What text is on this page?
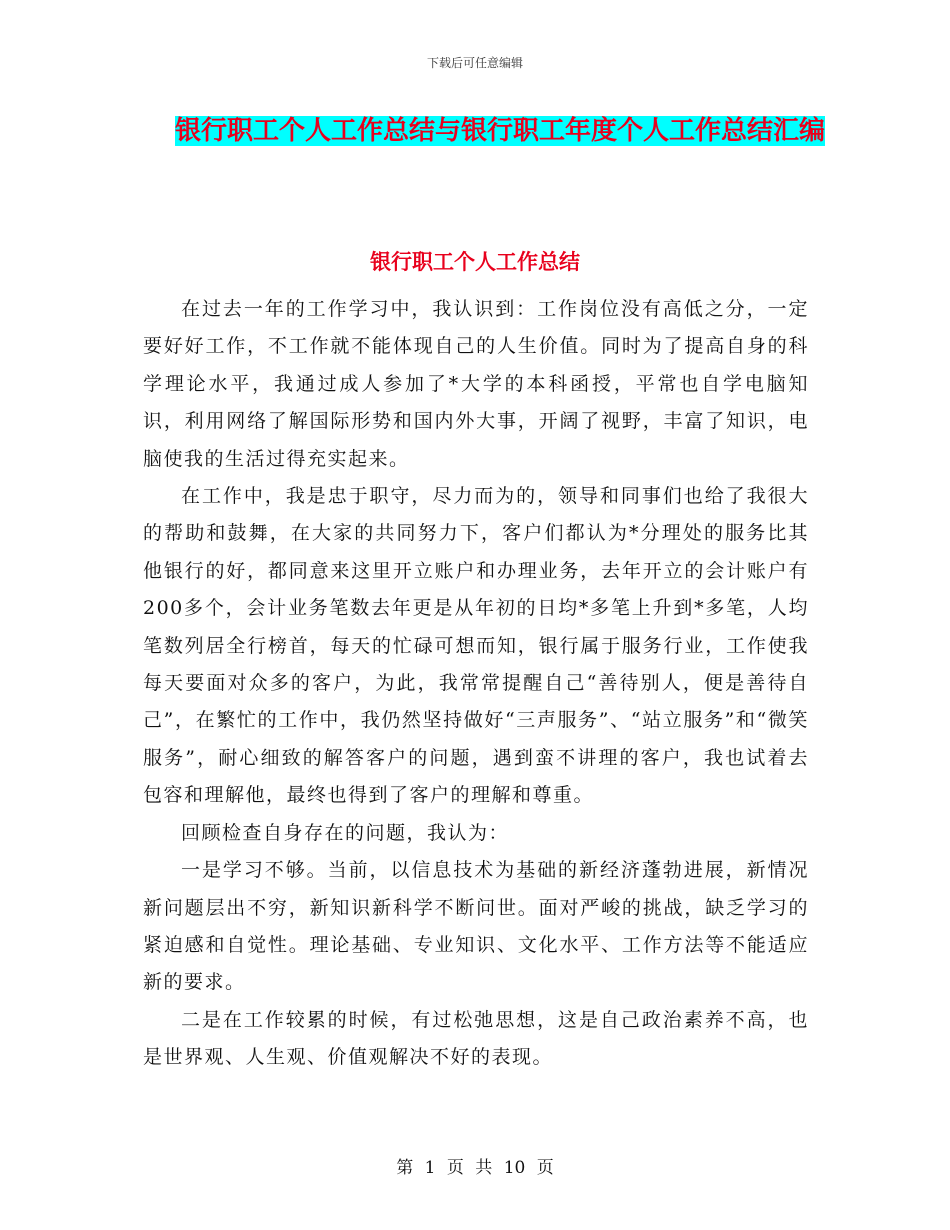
下载后可任意编辑
银行职工个人工作总结与银行职工年度个人工作总结汇编
银行职工个人工作总结

在过去一年的工作学习中，我认识到：工作岗位没有高低之分，一定要好好工作，不工作就不能体现自己的人生价值。同时为了提高自身的科学理论水平，我通过成人参加了*大学的本科函授，平常也自学电脑知识，利用网络了解国际形势和国内外大事，开阔了视野，丰富了知识，电脑使我的生活过得充实起来。

在工作中，我是忠于职守，尽力而为的，领导和同事们也给了我很大的帮助和鼓舞，在大家的共同努力下，客户们都认为*分理处的服务比其他银行的好，都同意来这里开立账户和办理业务，去年开立的会计账户有200多个，会计业务笔数去年更是从年初的日均*多笔上升到*多笔，人均笔数列居全行榜首，每天的忙碌可想而知，银行属于服务行业，工作使我每天要面对众多的客户，为此，我常常提醒自己“善待别人，便是善待自己”，在繁忙的工作中，我仍然坚持做好“三声服务”、“站立服务”和“微笑服务”，耐心细致的解答客户的问题，遇到蛮不讲理的客户，我也试着去包容和理解他，最终也得到了客户的理解和尊重。

回顾检查自身存在的问题，我认为：

一是学习不够。当前，以信息技术为基础的新经济蓬勃进展，新情况新问题层出不穷，新知识新科学不断问世。面对严峻的挑战，缺乏学习的紧迫感和自觉性。理论基础、专业知识、文化水平、工作方法等不能适应新的要求。

二是在工作较累的时候，有过松弛思想，这是自己政治素养不高，也是世界观、人生观、价值观解决不好的表现。

第 1 页 共 10 页
